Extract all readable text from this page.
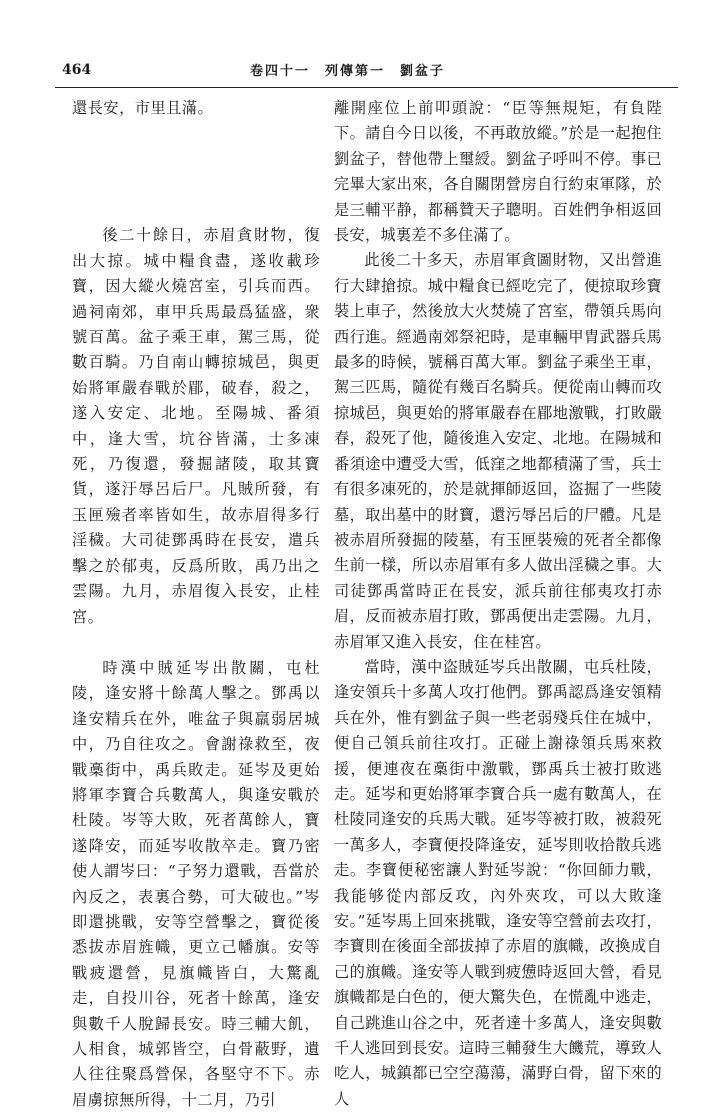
464	卷四十一　列傳第一　劉盆子

還長安，市里且滿。

後二十餘日，赤眉貪財物，復出大掠。城中糧食盡，遂收載珍寶，因大縱火燒宮室，引兵而西。過祠南郊，車甲兵馬最爲猛盛，衆號百萬。盆子乘王車，駕三馬，從數百騎。乃自南山轉掠城邑，與更始將軍嚴春戰於郿，破春，殺之，遂入安定、北地。至陽城、番須中，逢大雪，坑谷皆滿，士多凍死，乃復還，發掘諸陵，取其寶貨，遂汙辱呂后尸。凡賊所發，有玉匣殮者率皆如生，故赤眉得多行淫穢。大司徒鄧禹時在長安，遣兵擊之於郁夷，反爲所敗，禹乃出之雲陽。九月，赤眉復入長安，止桂宮。

時漢中賊延岑出散關，屯杜陵，逢安將十餘萬人擊之。鄧禹以逢安精兵在外，唯盆子與羸弱居城中，乃自往攻之。會謝祿救至，夜戰槀街中，禹兵敗走。延岑及更始將軍李寶合兵數萬人，與逢安戰於杜陵。岑等大敗，死者萬餘人，寶遂降安，而延岑收散卒走。寶乃密使人謂岑曰：“子努力還戰，吾當於內反之，表裏合勢，可大破也。”岑即還挑戰，安等空營擊之，寶從後悉拔赤眉旌幟，更立己幡旗。安等戰疲還營，見旗幟皆白，大驚亂走，自投川谷，死者十餘萬，逢安與數千人脫歸長安。時三輔大飢，人相食，城郭皆空，白骨蔽野，遺人往往聚爲營保，各堅守不下。赤眉虜掠無所得，十二月，乃引

離開座位上前叩頭說：“臣等無規矩，有負陛下。請自今日以後，不再敢放縱。”於是一起抱住劉盆子，替他帶上璽綬。劉盆子呼叫不停。事已完畢大家出來，各自關閉營房自行約束軍隊，於是三輔平静，都稱贊天子聰明。百姓們争相返回長安，城裏差不多住滿了。

此後二十多天，赤眉軍貪圖財物，又出營進行大肆搶掠。城中糧食已經吃完了，便掠取珍寶裝上車子，然後放大火焚燒了宮室，帶領兵馬向西行進。經過南郊祭祀時，是車輛甲胄武器兵馬最多的時候，號稱百萬大軍。劉盆子乘坐王車，駕三匹馬，隨從有幾百名騎兵。便從南山轉而攻掠城邑，與更始的將軍嚴春在郿地激戰，打敗嚴春，殺死了他，隨後進入安定、北地。在陽城和番須途中遭受大雪，低窪之地都積滿了雪，兵士有很多凍死的，於是就揮師返回，盗掘了一些陵墓，取出墓中的財寶，還污辱呂后的尸體。凡是被赤眉所發掘的陵墓，有玉匣裝殮的死者全都像生前一樣，所以赤眉軍有多人做出淫穢之事。大司徒鄧禹當時正在長安，派兵前往郁夷攻打赤眉，反而被赤眉打敗，鄧禹便出走雲陽。九月，赤眉軍又進入長安，住在桂宮。

當時，漢中盗賊延岑兵出散關，屯兵杜陵，逢安領兵十多萬人攻打他們。鄧禹認爲逢安領精兵在外，惟有劉盆子與一些老弱殘兵住在城中，便自己領兵前往攻打。正碰上謝祿領兵馬來救援，便連夜在槀街中激戰，鄧禹兵士被打敗逃走。延岑和更始將軍李寶合兵一處有數萬人，在杜陵同逢安的兵馬大戰。延岑等被打敗，被殺死一萬多人，李寶便投降逢安，延岑則收拾散兵逃走。李寶便秘密讓人對延岑說：“你回師力戰，我能够從内部反攻，內外夾攻，可以大敗逢安。”延岑馬上回來挑戰，逢安等空營前去攻打，李寶則在後面全部拔掉了赤眉的旗幟，改換成自己的旗幟。逢安等人戰到疲憊時返回大營，看見旗幟都是白色的，便大驚失色，在慌亂中逃走，自己跳進山谷之中，死者達十多萬人，逢安與數千人逃回到長安。這時三輔發生大饑荒，導致人吃人，城鎮都已空空蕩蕩，滿野白骨，留下來的人
